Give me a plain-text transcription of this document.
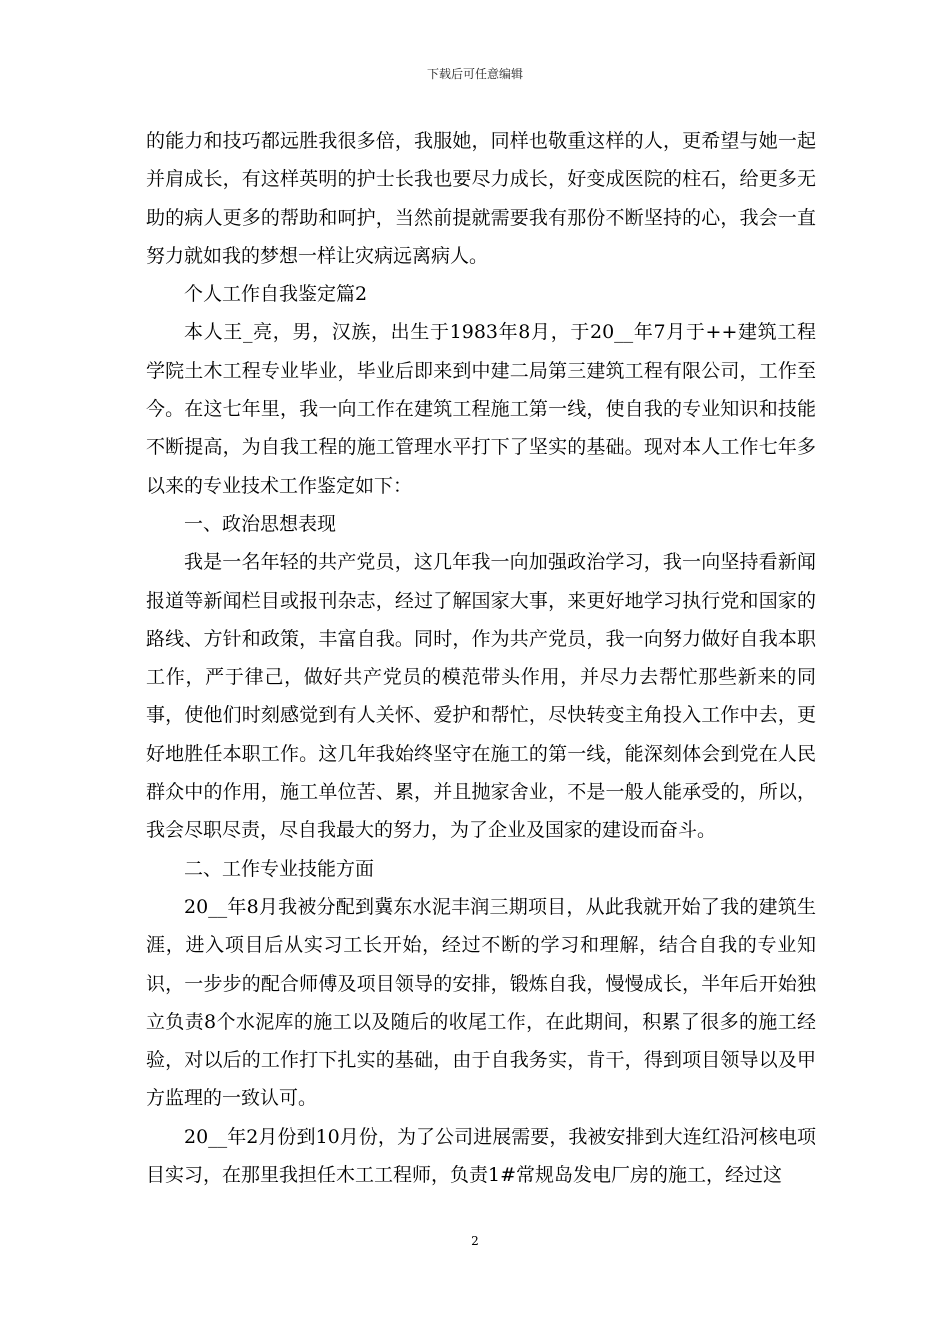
下载后可任意编辑

的能力和技巧都远胜我很多倍，我服她，同样也敬重这样的人，更希望与她一起并肩成长，有这样英明的护士长我也要尽力成长，好变成医院的柱石，给更多无助的病人更多的帮助和呵护，当然前提就需要我有那份不断坚持的心，我会一直努力就如我的梦想一样让灾病远离病人。

个人工作自我鉴定篇2

本人王_亮，男，汉族，出生于1983年8月，于20__年7月于++建筑工程学院土木工程专业毕业，毕业后即来到中建二局第三建筑工程有限公司，工作至今。在这七年里，我一向工作在建筑工程施工第一线，使自我的专业知识和技能不断提高，为自我工程的施工管理水平打下了坚实的基础。现对本人工作七年多以来的专业技术工作鉴定如下：

一、政治思想表现

我是一名年轻的共产党员，这几年我一向加强政治学习，我一向坚持看新闻报道等新闻栏目或报刊杂志，经过了解国家大事，来更好地学习执行党和国家的路线、方针和政策，丰富自我。同时，作为共产党员，我一向努力做好自我本职工作，严于律己，做好共产党员的模范带头作用，并尽力去帮忙那些新来的同事，使他们时刻感觉到有人关怀、爱护和帮忙，尽快转变主角投入工作中去，更好地胜任本职工作。这几年我始终坚守在施工的第一线，能深刻体会到党在人民群众中的作用，施工单位苦、累，并且抛家舍业，不是一般人能承受的，所以，我会尽职尽责，尽自我最大的努力，为了企业及国家的建设而奋斗。

二、工作专业技能方面

20__年8月我被分配到冀东水泥丰润三期项目，从此我就开始了我的建筑生涯，进入项目后从实习工长开始，经过不断的学习和理解，结合自我的专业知识，一步步的配合师傅及项目领导的安排，锻炼自我，慢慢成长，半年后开始独立负责8个水泥库的施工以及随后的收尾工作，在此期间，积累了很多的施工经验，对以后的工作打下扎实的基础，由于自我务实，肯干，得到项目领导以及甲方监理的一致认可。

20__年2月份到10月份，为了公司进展需要，我被安排到大连红沿河核电项目实习，在那里我担任木工工程师，负责1#常规岛发电厂房的施工，经过这

2
